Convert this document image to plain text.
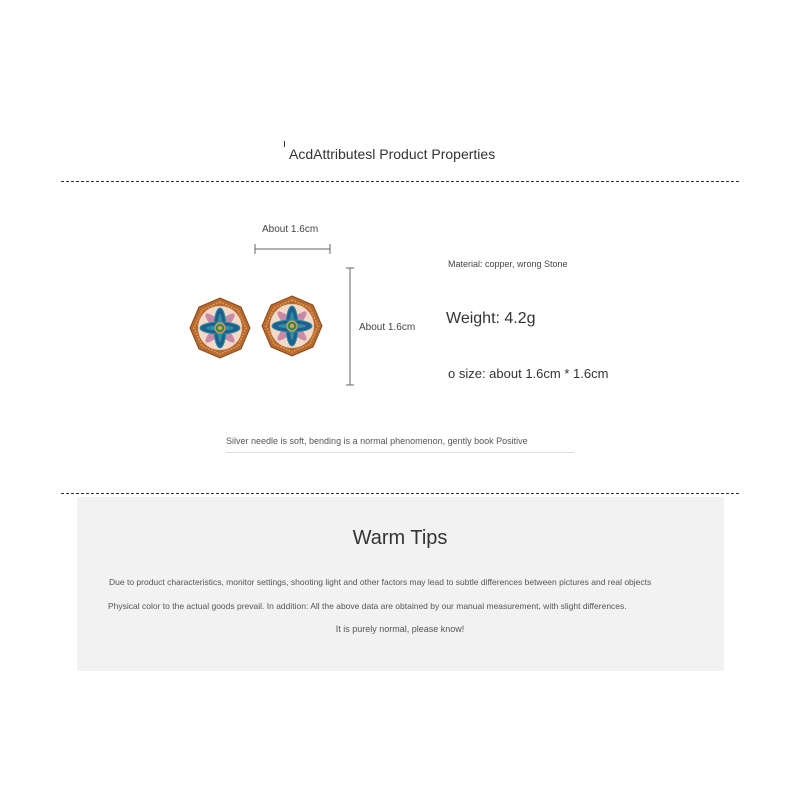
AcdAttributesl Product Properties
About 1.6cm
About 1.6cm
Material: copper, wrong Stone
Weight: 4.2g
o size: about 1.6cm * 1.6cm
Silver needle is soft, bending is a normal phenomenon, gently book Positive
Warm Tips
Due to product characteristics, monitor settings, shooting light and other factors may lead to subtle differences between pictures and real objects
Physical color to the actual goods prevail. In addition: All the above data are obtained by our manual measurement, with slight differences.
It is purely normal, please know!
